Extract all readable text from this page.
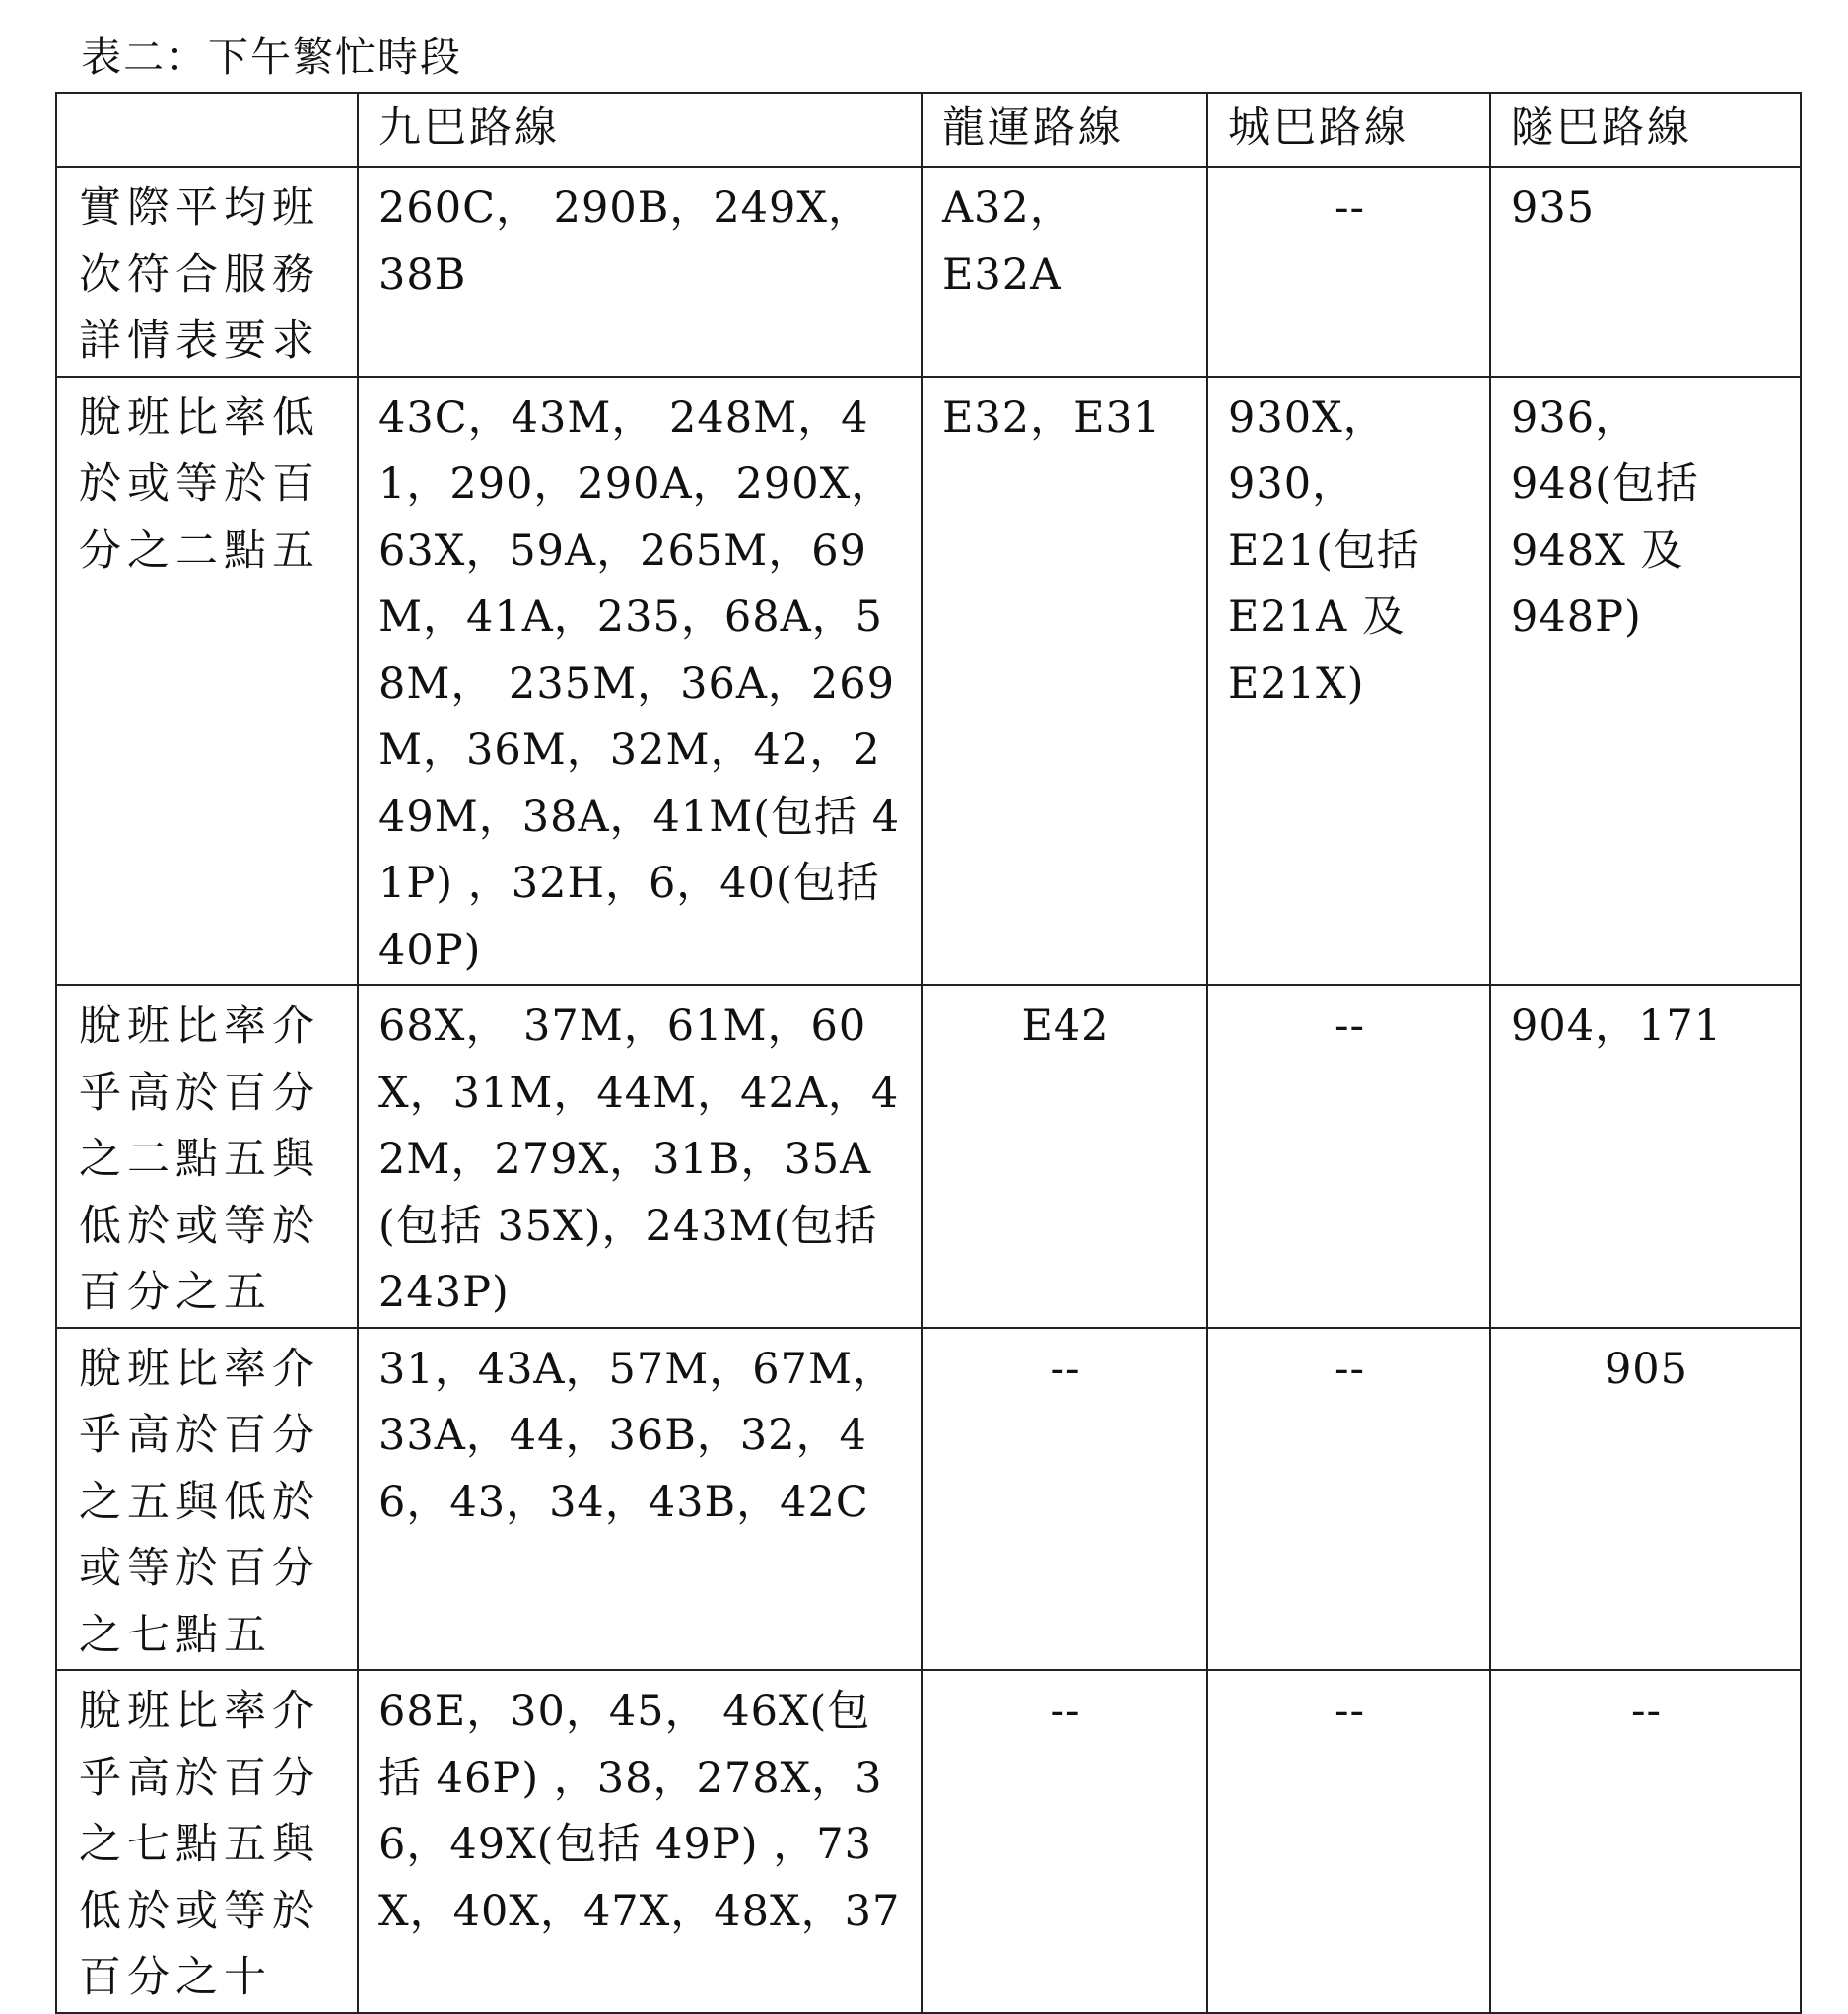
表二：下午繁忙時段
	九巴路線	龍運路線	城巴路線	隧巴路線
實際平均班次符合服務詳情表要求	260C， 290B，249X，38B	A32，E32A	--	935
脫班比率低於或等於百分之二點五	43C，43M， 248M，41，290，290A，290X，63X，59A，265M，69M，41A，235，68A，58M， 235M，36A，269M，36M，32M，42，249M，38A，41M(包括 41P) ，32H，6，40(包括 40P)	E32，E31	930X，930，E21(包括 E21A 及 E21X)	936，948(包括 948X 及 948P)
脫班比率介乎高於百分之二點五與低於或等於百分之五	68X， 37M，61M，60X，31M，44M，42A，42M，279X，31B，35A(包括 35X)，243M(包括 243P)	E42	--	904，171
脫班比率介乎高於百分之五與低於或等於百分之七點五	31，43A，57M，67M，33A，44，36B，32，46，43，34，43B，42C	--	--	905
脫班比率介乎高於百分之七點五與低於或等於百分之十	68E，30，45， 46X(包括 46P) ，38，278X，36，49X(包括 49P) ，73X，40X，47X，48X，37	--	--	--
